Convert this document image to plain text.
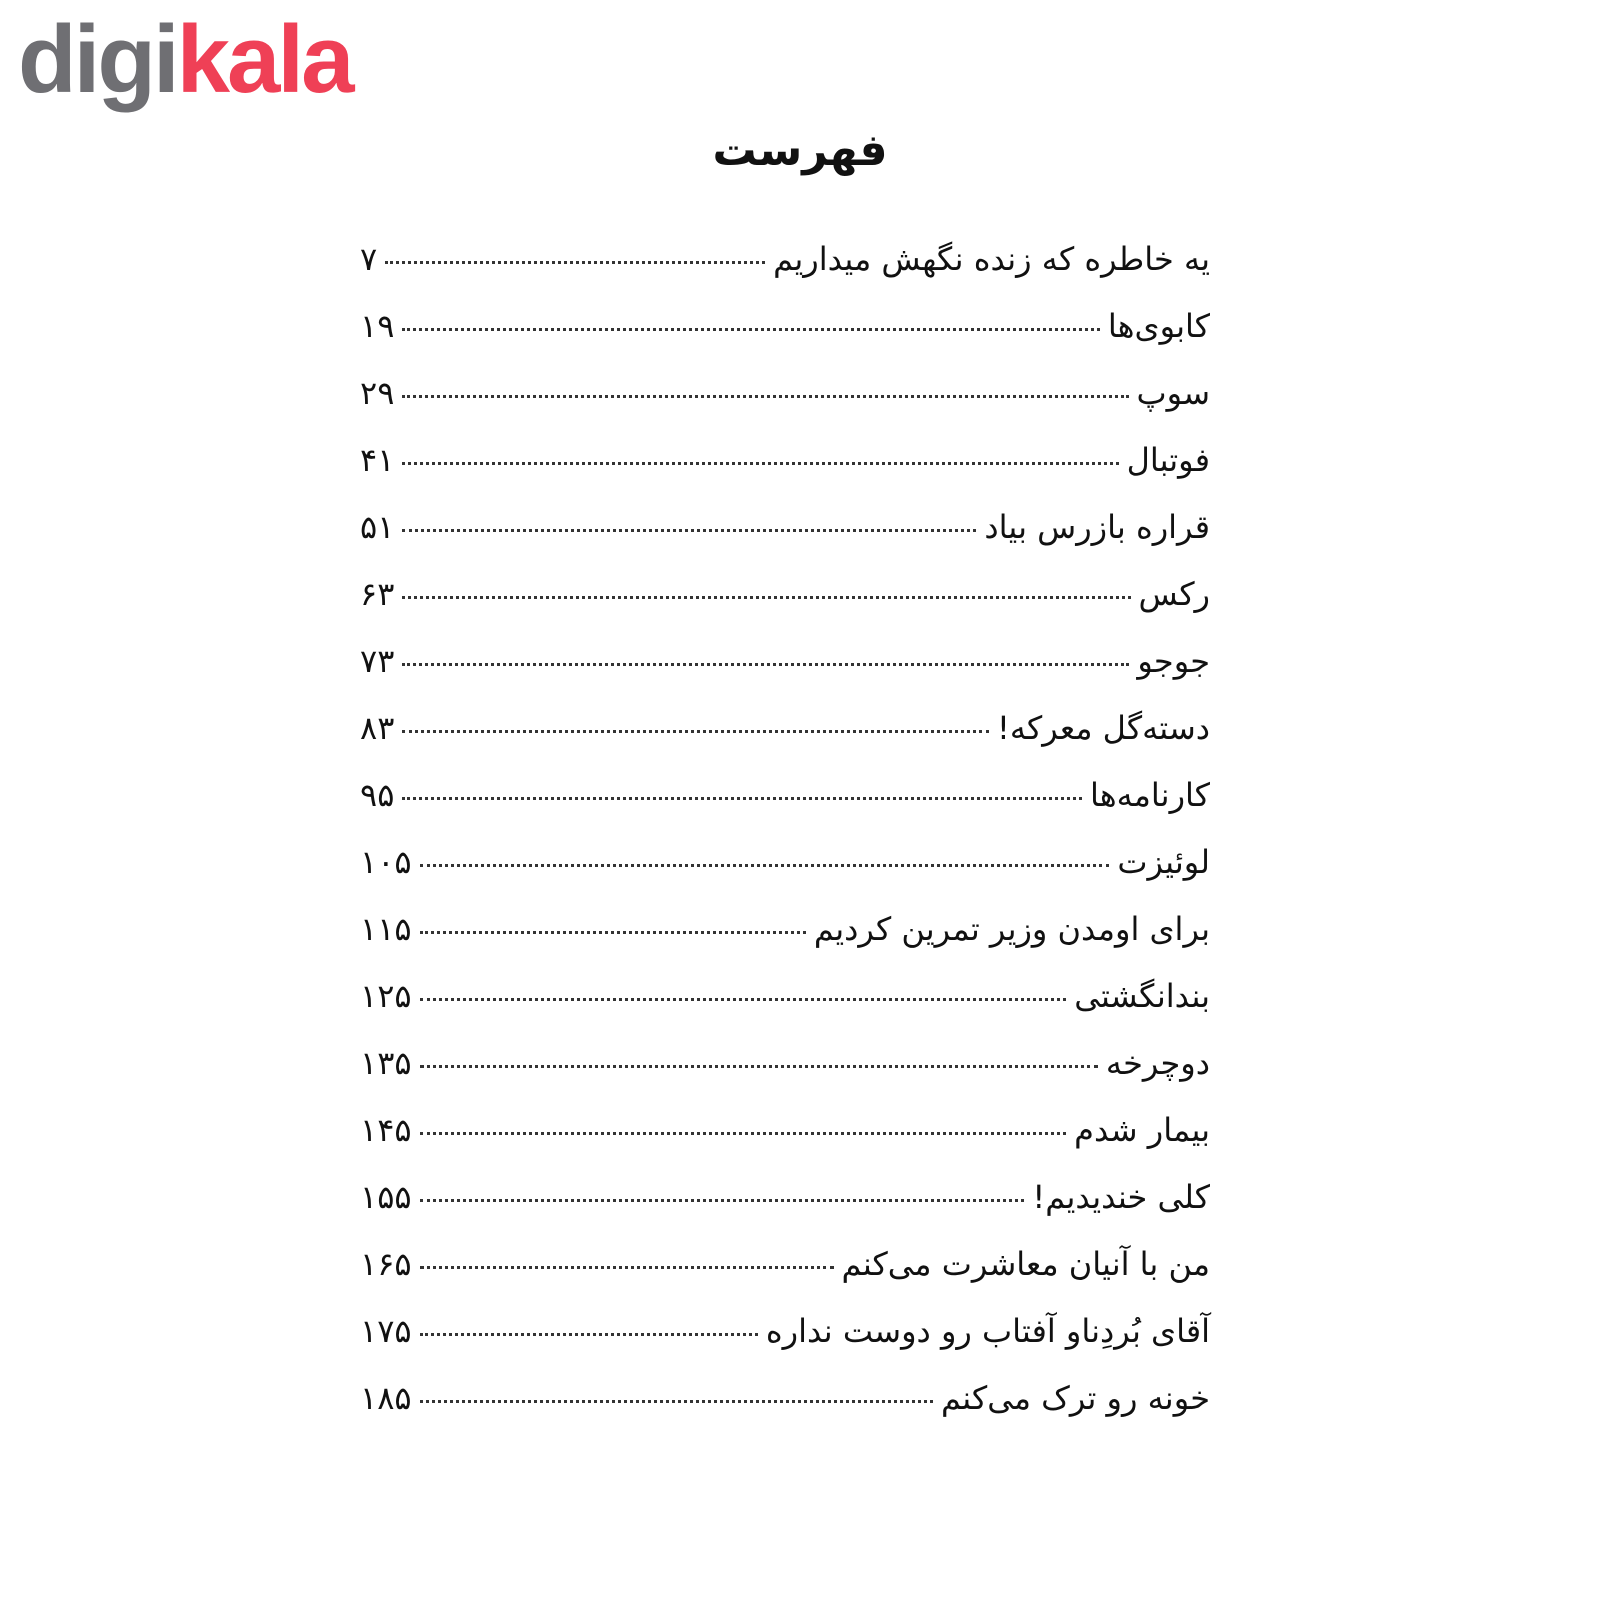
digikala
فهرست
یه خاطره که زنده نگهش میداریم
۷
کابوی‌ها
۱۹
سوپ
۲۹
فوتبال
۴۱
قراره بازرس بیاد
۵۱
رکس
۶۳
جوجو
۷۳
دسته‌گل معرکه!
۸۳
کارنامه‌ها
۹۵
لوئیزت
۱۰۵
برای اومدن وزیر تمرین کردیم
۱۱۵
بندانگشتی
۱۲۵
دوچرخه
۱۳۵
بیمار شدم
۱۴۵
کلی خندیدیم!
۱۵۵
من با آنیان معاشرت می‌کنم
۱۶۵
آقای بُردِناو آفتاب رو دوست نداره
۱۷۵
خونه رو ترک می‌کنم
۱۸۵
